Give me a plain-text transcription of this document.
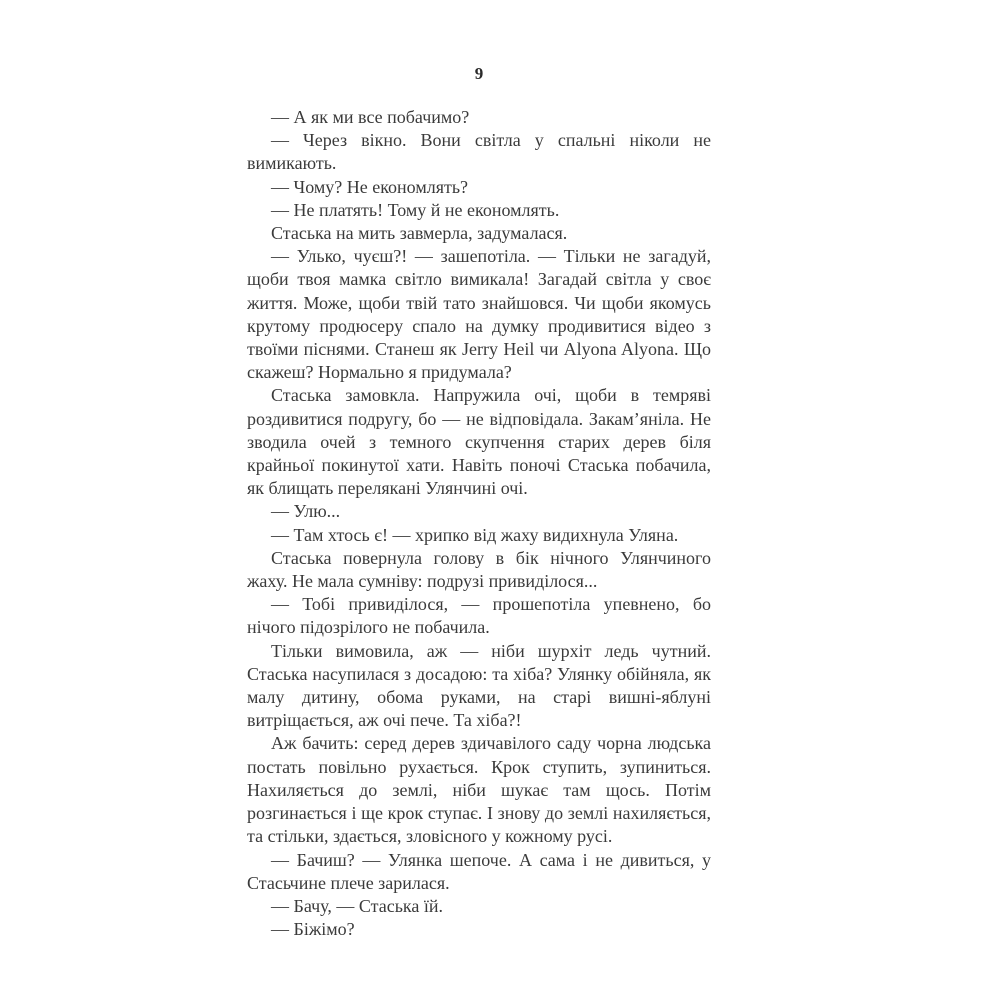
9

— А як ми все побачимо?

— Через вікно. Вони світла у спальні ніколи не вимикають.

— Чому? Не економлять?

— Не платять! Тому й не економлять.

Стаська на мить завмерла, задумалася.

— Улько, чуєш?! — зашепотіла. — Тільки не загадуй, щоби твоя мамка світло вимикала! Загадай світла у своє життя. Може, щоби твій тато знайшовся. Чи щоби якомусь крутому продюсеру спало на думку продивитися відео з твоїми піснями. Станеш як Jerry Heil чи Alyona Alyona. Що скажеш? Нормально я придумала?

Стаська замовкла. Напружила очі, щоби в темряві роздивитися подругу, бо — не відповідала. Закам’яніла. Не зводила очей з темного скупчення старих дерев біля крайньої покинутої хати. Навіть поночі Стаська побачила, як блищать перелякані Улянчині очі.

— Улю...

— Там хтось є! — хрипко від жаху видихнула Уляна.

Стаська повернула голову в бік нічного Улянчиного жаху. Не мала сумніву: подрузі привиділося...

— Тобі привиділося, — прошепотіла упевнено, бо нічого підозрілого не побачила.

Тільки вимовила, аж — ніби шурхіт ледь чутний. Стаська насупилася з досадою: та хіба? Улянку обійняла, як малу дитину, обома руками, на старі вишні-яблуні витріщається, аж очі пече. Та хіба?!

Аж бачить: серед дерев здичавілого саду чорна людська постать повільно рухається. Крок ступить, зупиниться. Нахиляється до землі, ніби шукає там щось. Потім розгинається і ще крок ступає. І знову до землі нахиляється, та стільки, здається, зловісного у кожному русі.

— Бачиш? — Улянка шепоче. А сама і не дивиться, у Стасьчине плече зарилася.

— Бачу, — Стаська їй.

— Біжімо?
